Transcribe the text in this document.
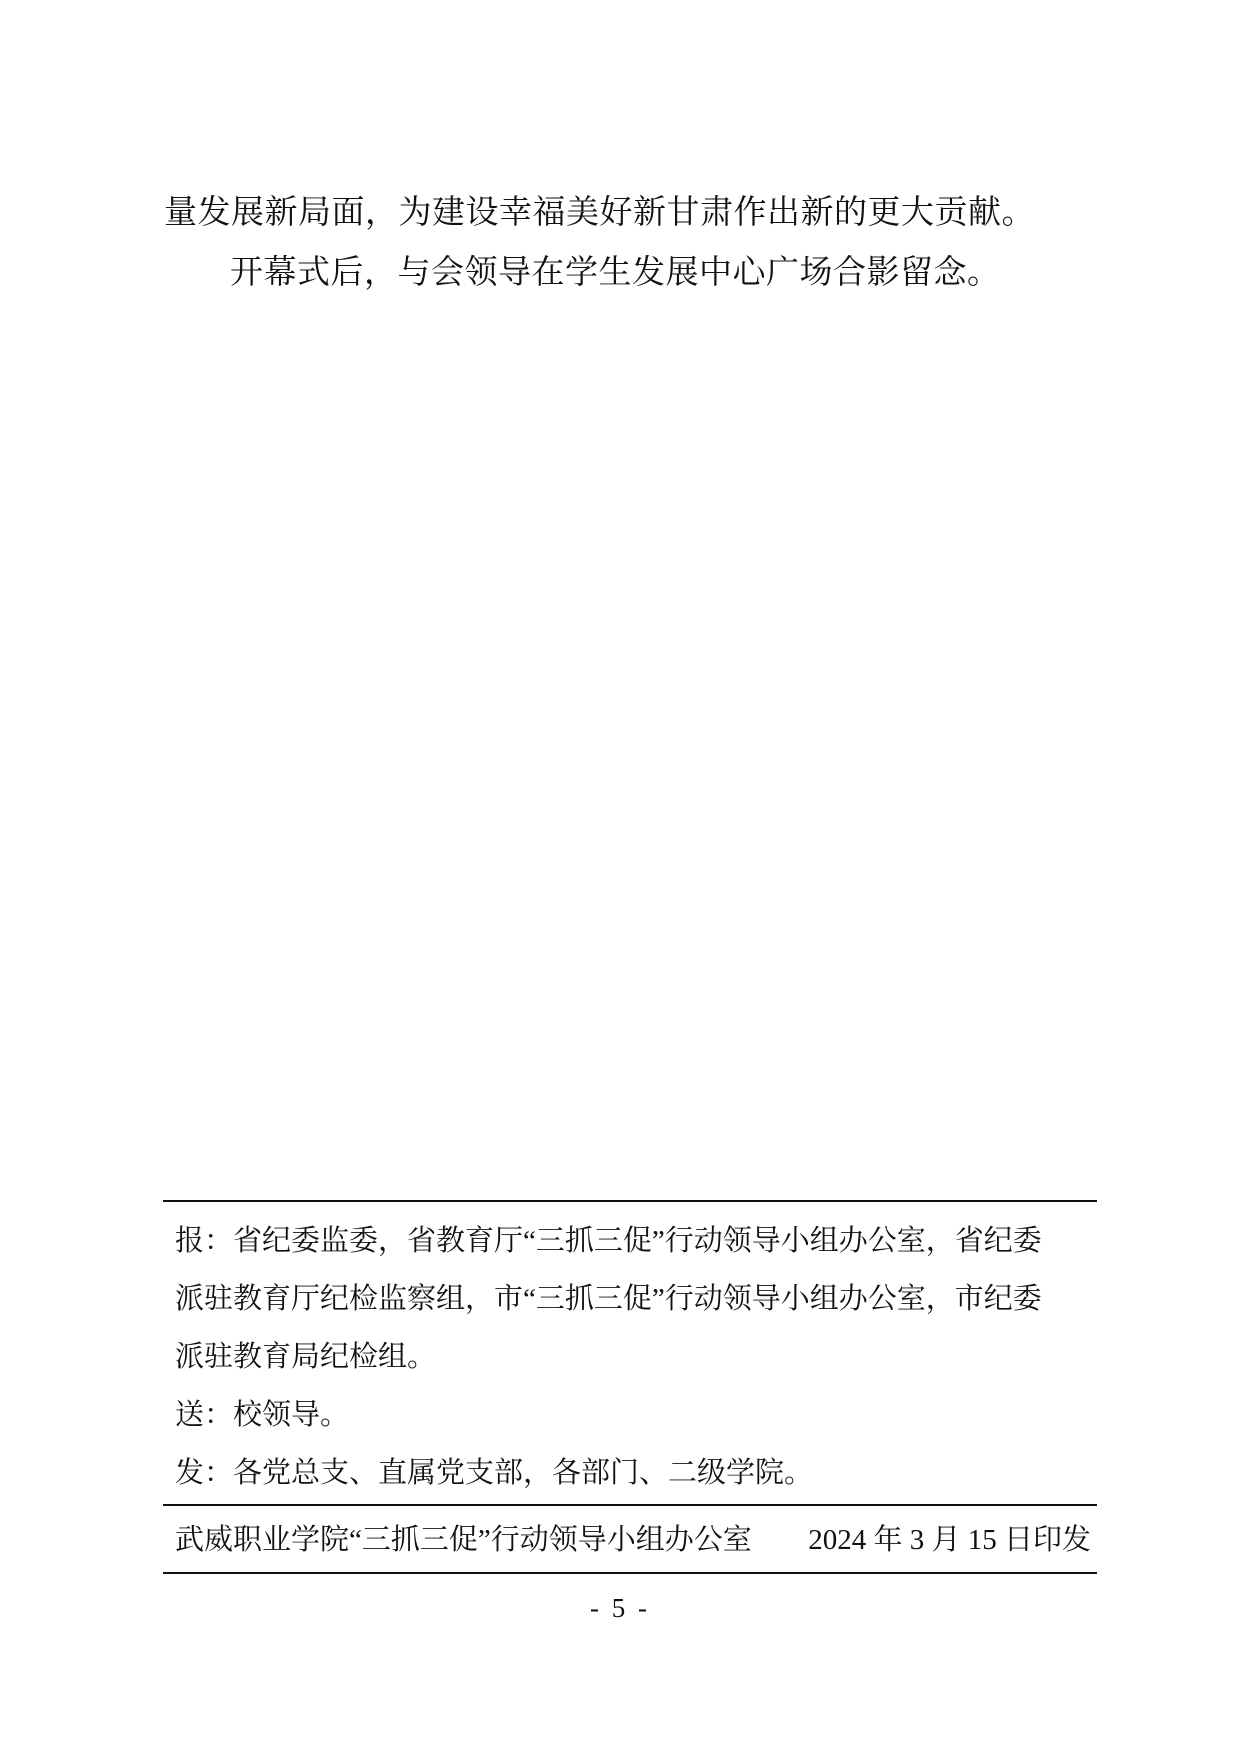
量发展新局面，为建设幸福美好新甘肃作出新的更大贡献。
开幕式后，与会领导在学生发展中心广场合影留念。
报：省纪委监委，省教育厅“三抓三促”行动领导小组办公室，省纪委
派驻教育厅纪检监察组，市“三抓三促”行动领导小组办公室，市纪委
派驻教育局纪检组。
送：校领导。
发：各党总支、直属党支部，各部门、二级学院。
武威职业学院“三抓三促”行动领导小组办公室 2024 年 3 月 15 日印发
- 5 -
